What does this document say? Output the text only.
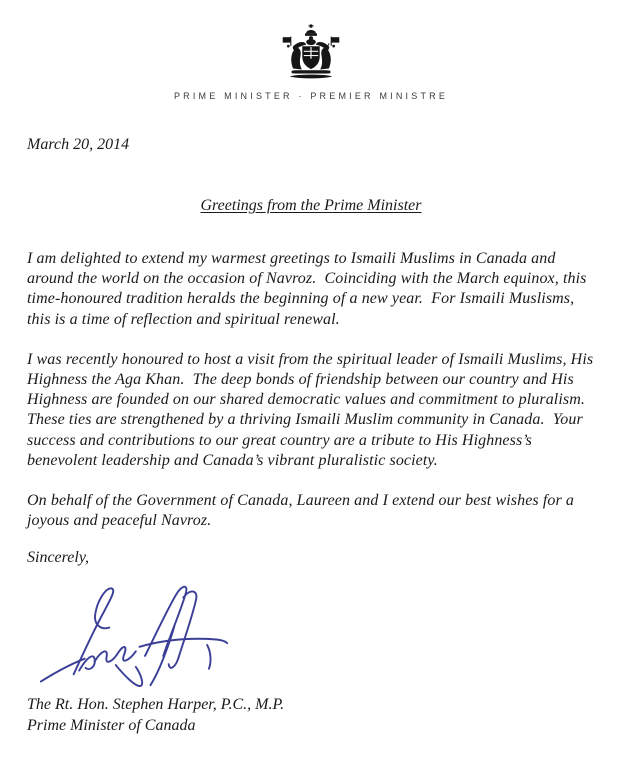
PRIME MINISTER · PREMIER MINISTRE
March 20, 2014
Greetings from the Prime Minister

I am delighted to extend my warmest greetings to Ismaili Muslims in Canada and around the world on the occasion of Navroz.  Coinciding with the March equinox, this time-honoured tradition heralds the beginning of a new year.  For Ismaili Muslisms, this is a time of reflection and spiritual renewal.

I was recently honoured to host a visit from the spiritual leader of Ismaili Muslims, His Highness the Aga Khan.  The deep bonds of friendship between our country and His Highness are founded on our shared democratic values and commitment to pluralism.  These ties are strengthened by a thriving Ismaili Muslim community in Canada.  Your success and contributions to our great country are a tribute to His Highness’s benevolent leadership and Canada’s vibrant pluralistic society.

On behalf of the Government of Canada, Laureen and I extend our best wishes for a joyous and peaceful Navroz.

Sincerely,
The Rt. Hon. Stephen Harper, P.C., M.P.
Prime Minister of Canada
